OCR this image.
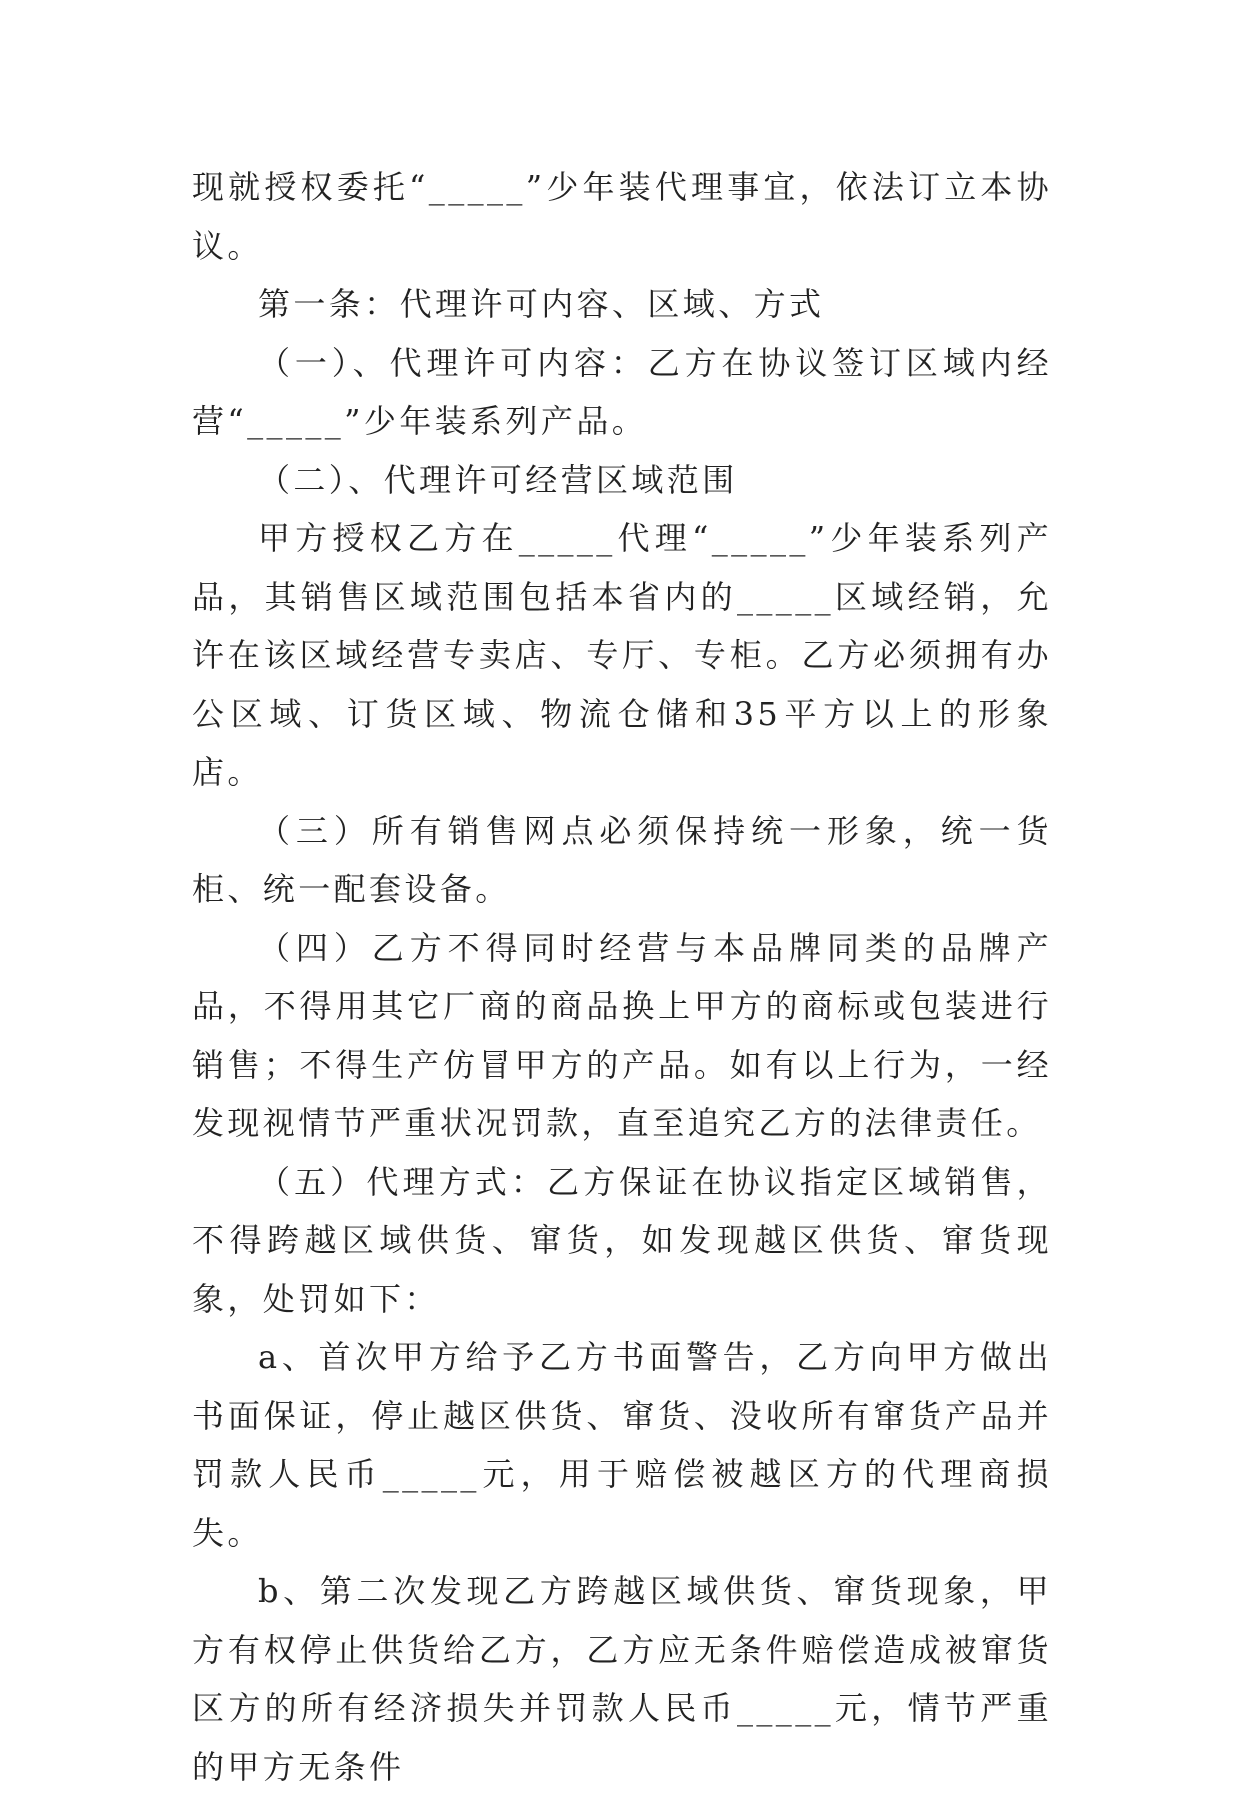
现就授权委托“_____”少年装代理事宜，依法订立本协议。

第一条：代理许可内容、区域、方式

（一）、代理许可内容：乙方在协议签订区域内经营“_____”少年装系列产品。

（二）、代理许可经营区域范围

甲方授权乙方在_____代理“_____”少年装系列产品，其销售区域范围包括本省内的_____区域经销，允许在该区域经营专卖店、专厅、专柜。乙方必须拥有办公区域、订货区域、物流仓储和35平方以上的形象店。

（三）所有销售网点必须保持统一形象，统一货柜、统一配套设备。

（四）乙方不得同时经营与本品牌同类的品牌产品，不得用其它厂商的商品换上甲方的商标或包装进行销售；不得生产仿冒甲方的产品。如有以上行为，一经发现视情节严重状况罚款，直至追究乙方的法律责任。

（五）代理方式：乙方保证在协议指定区域销售，不得跨越区域供货、窜货，如发现越区供货、窜货现象，处罚如下：

a、首次甲方给予乙方书面警告，乙方向甲方做出书面保证，停止越区供货、窜货、没收所有窜货产品并罚款人民币_____元，用于赔偿被越区方的代理商损失。

b、第二次发现乙方跨越区域供货、窜货现象，甲方有权停止供货给乙方，乙方应无条件赔偿造成被窜货区方的所有经济损失并罚款人民币_____元，情节严重的甲方无条件
